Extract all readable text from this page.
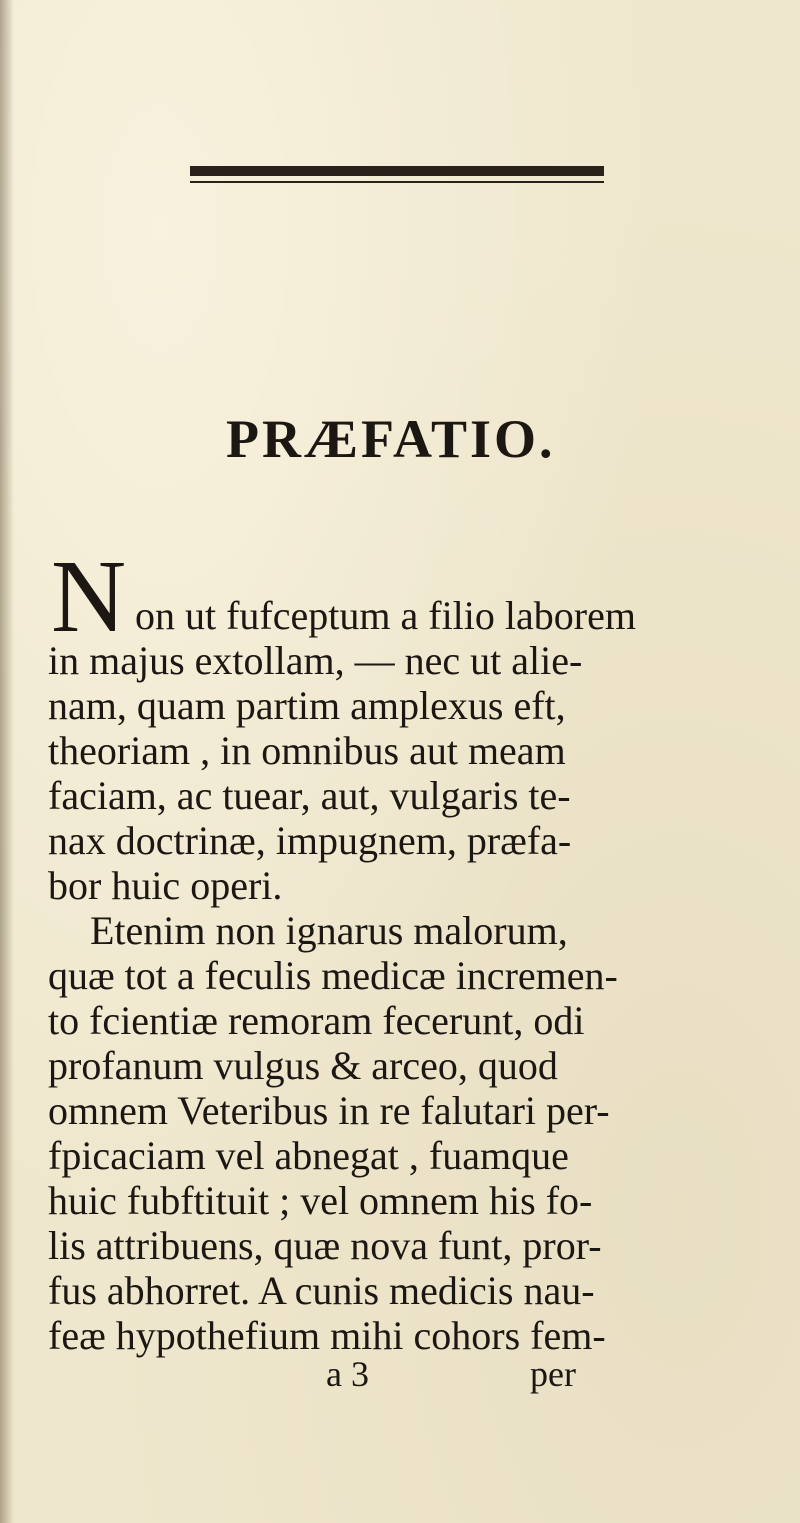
PRÆFATIO.
N on ut fufceptum a filio laborem
in majus extollam, — nec ut alie-
nam, quam partim amplexus eft,
theoriam , in omnibus aut meam
faciam, ac tuear, aut, vulgaris te-
nax doctrinæ, impugnem, præfa-
bor huic operi.
Etenim non ignarus malorum,
quæ tot a feculis medicæ incremen-
to fcientiæ remoram fecerunt, odi
profanum vulgus & arceo, quod
omnem Veteribus in re falutari per-
fpicaciam vel abnegat , fuamque
huic fubftituit ; vel omnem his fo-
lis attribuens, quæ nova funt, pror-
fus abhorret. A cunis medicis nau-
feæ hypothefium mihi cohors fem-
a 3	per
